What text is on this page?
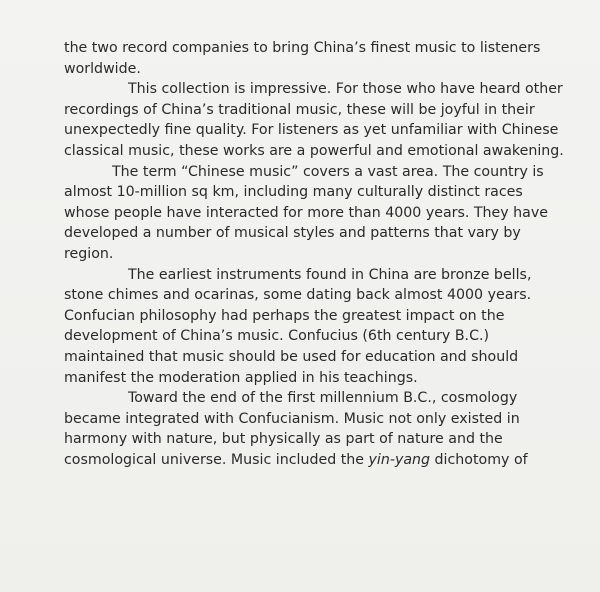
the two record companies to bring China’s finest music to listeners worldwide.

This collection is impressive. For those who have heard other recordings of China’s traditional music, these will be joyful in their unexpectedly fine quality. For listeners as yet unfamiliar with Chinese classical music, these works are a powerful and emotional awakening.

The term “Chinese music” covers a vast area. The country is almost 10-million sq km, including many culturally distinct races whose people have interacted for more than 4000 years. They have developed a number of musical styles and patterns that vary by region.

The earliest instruments found in China are bronze bells, stone chimes and ocarinas, some dating back almost 4000 years. Confucian philosophy had perhaps the greatest impact on the development of China’s music. Confucius (6th century B.C.) maintained that music should be used for education and should manifest the moderation applied in his teachings.

Toward the end of the first millennium B.C., cosmology became integrated with Confucianism. Music not only existed in harmony with nature, but physically as part of nature and the cosmological universe. Music included the yin-yang dichotomy of
